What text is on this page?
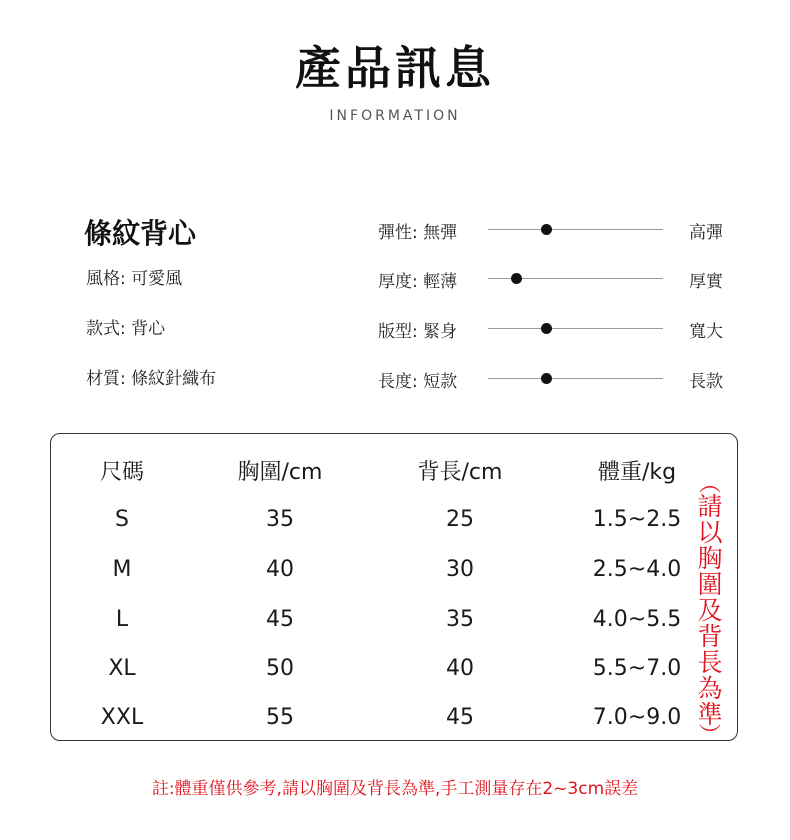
產品訊息
INFORMATION
條紋背心
風格: 可愛風
款式: 背心
材質: 條紋針織布
彈性: 無彈	高彈
厚度: 輕薄	厚實
版型: 緊身	寬大
長度: 短款	長款
尺碼	胸圍/cm	背長/cm	體重/kg
S	35	25	1.5~2.5
M	40	30	2.5~4.0
L	45	35	4.0~5.5
XL	50	40	5.5~7.0
XXL	55	45	7.0~9.0
︵
請
以
胸
圍
及
背
長
為
準
︶
註:體重僅供參考,請以胸圍及背長為準,手工測量存在2~3cm誤差
